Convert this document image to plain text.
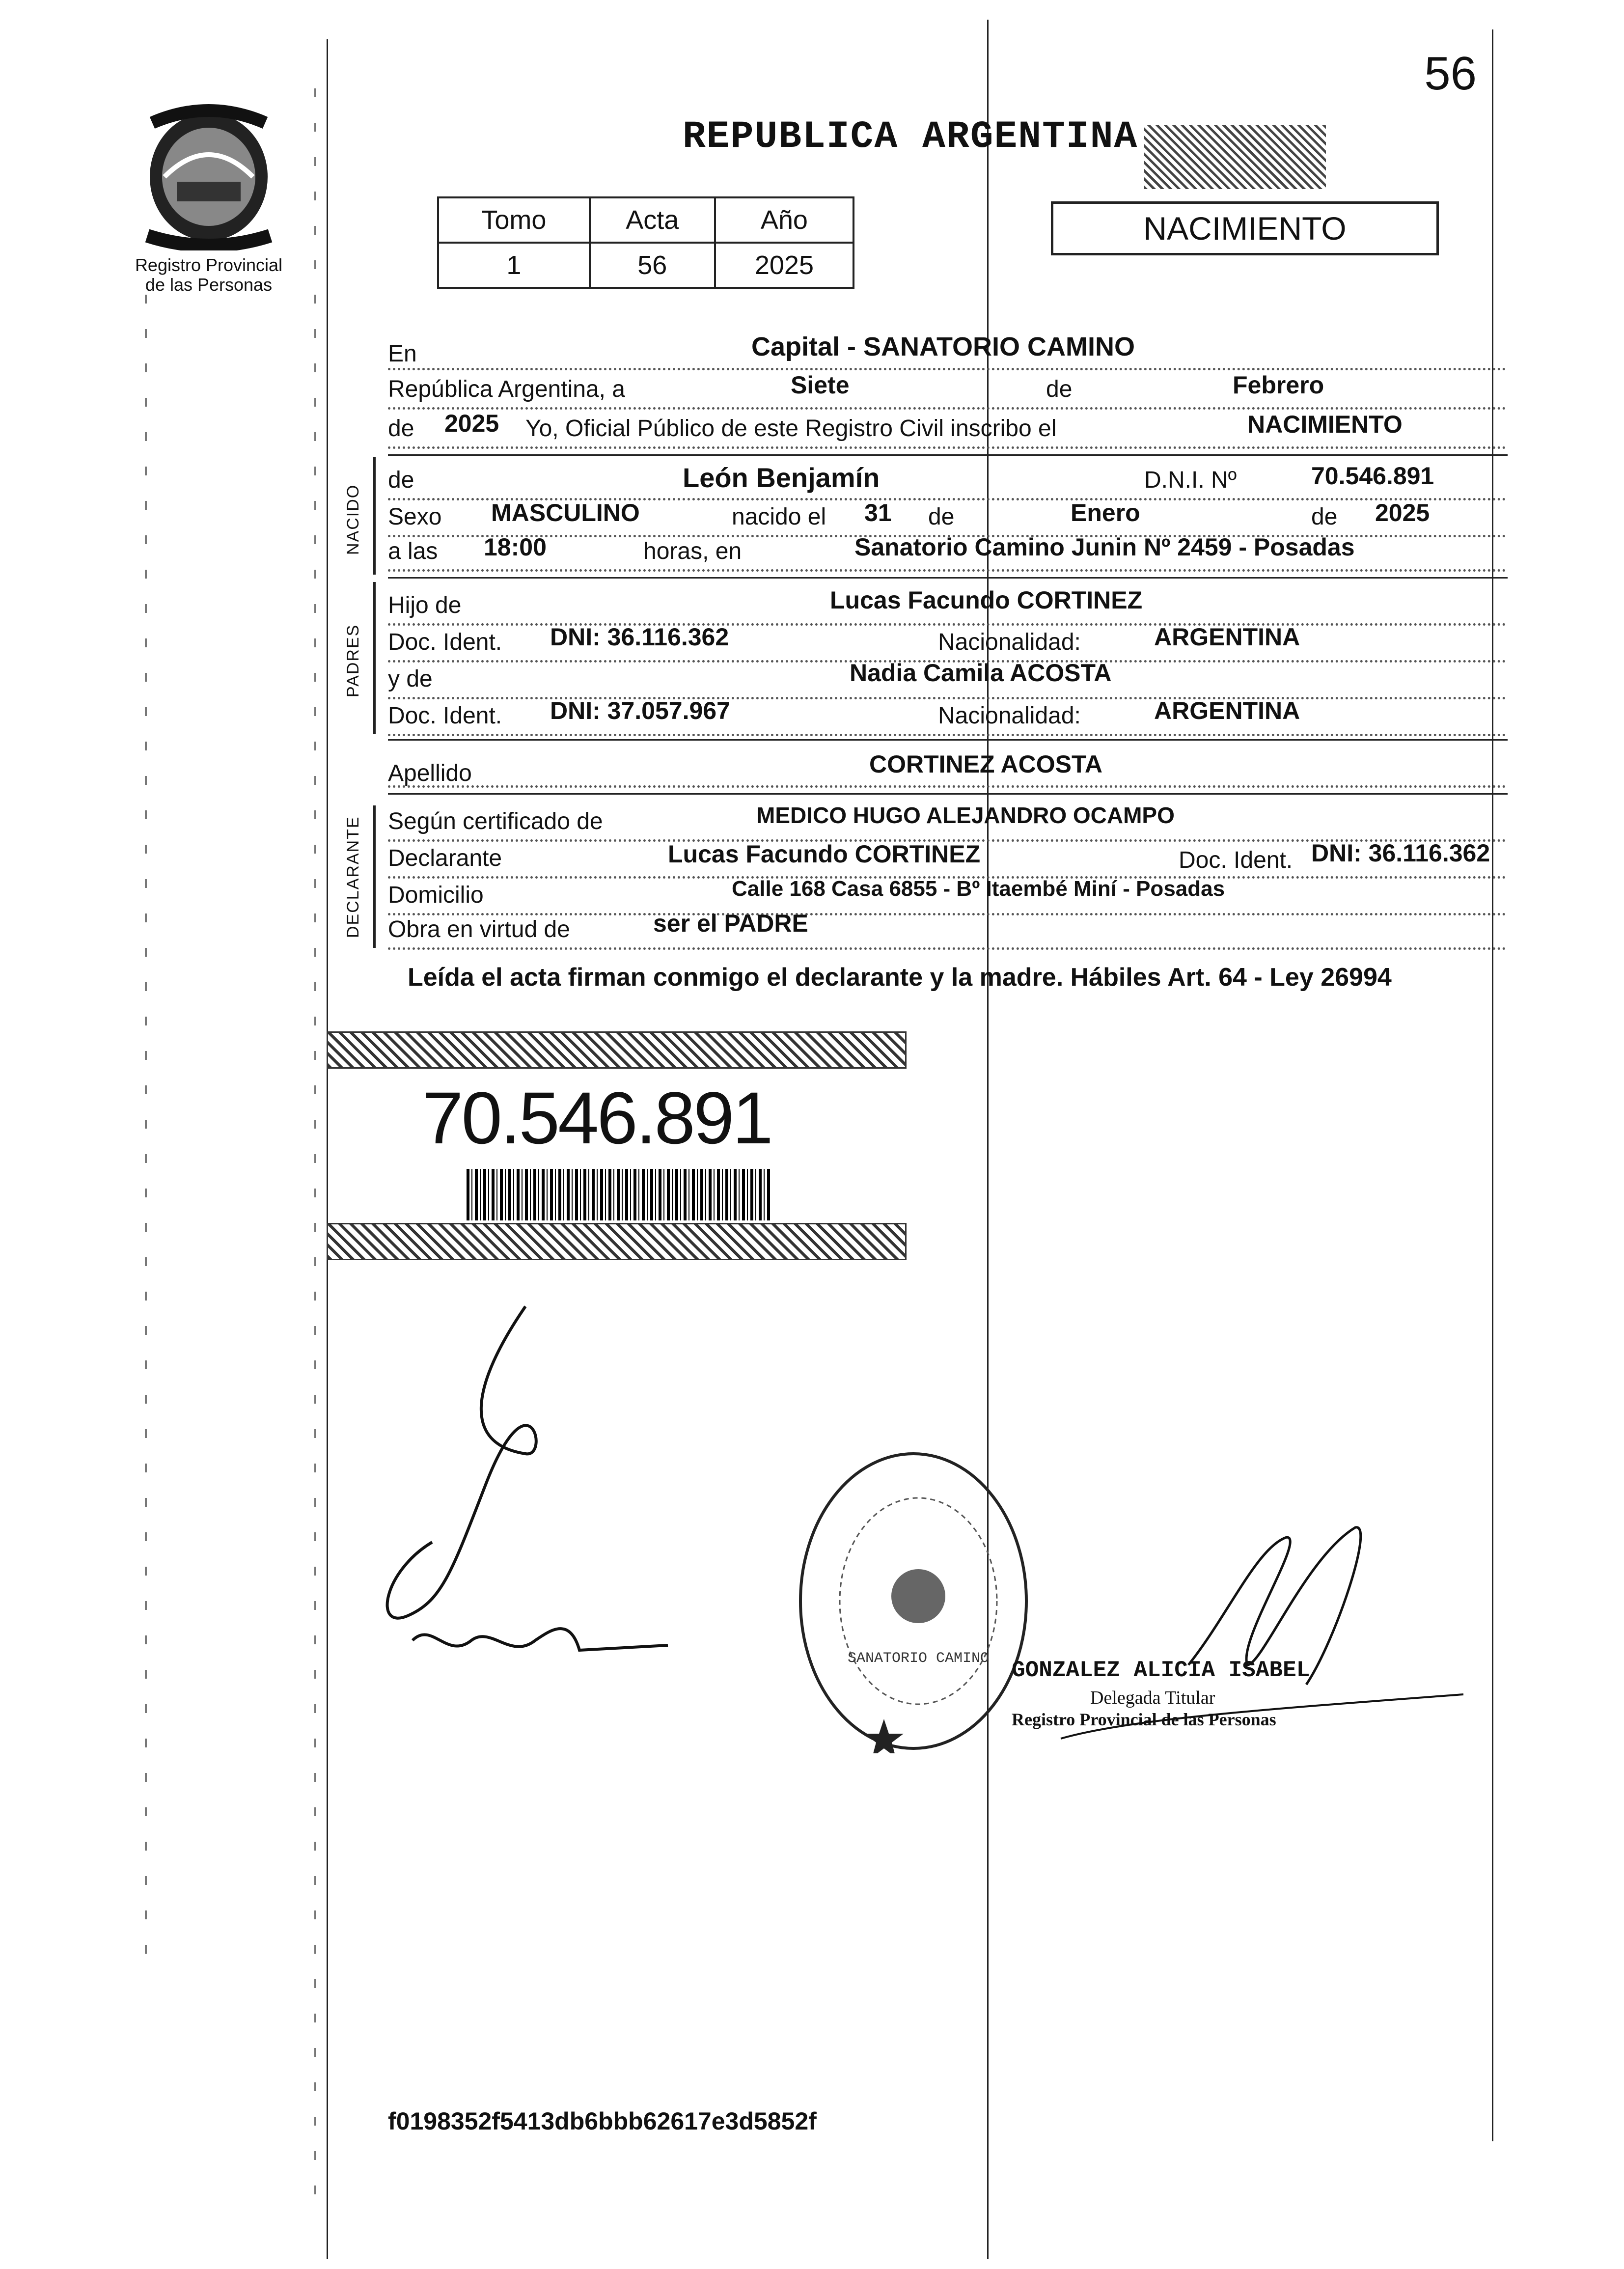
56
Registro Provincial
de las Personas
REPUBLICA ARGENTINA
Tomo	Acta	Año
1	56	2025
NACIMIENTO
En	Capital - SANATORIO CAMINO
República Argentina, a	Siete	de	Febrero
de 2025 Yo, Oficial Público de este Registro Civil inscribo el	NACIMIENTO
NACIDO
de	León Benjamín	D.N.I. Nº	70.546.891
Sexo MASCULINO	nacido el 31 de	Enero	de 2025
a las 18:00	horas, en	Sanatorio Camino Junin Nº 2459 - Posadas
PADRES
Hijo de	Lucas Facundo CORTINEZ
Doc. Ident. DNI: 36.116.362	Nacionalidad:	ARGENTINA
y de	Nadia Camila ACOSTA
Doc. Ident. DNI: 37.057.967	Nacionalidad:	ARGENTINA
Apellido	CORTINEZ ACOSTA
DECLARANTE Según certificado de	MEDICO HUGO ALEJANDRO OCAMPO
Declarante	Lucas Facundo CORTINEZ	Doc. Ident. DNI: 36.116.362
Domicilio	Calle 168 Casa 6855 - Bº Itaembé Miní - Posadas
Obra en virtud de	ser el PADRE
Leída el acta firman conmigo el declarante y la madre. Hábiles Art. 64 - Ley 26994
70.546.891
SANATORIO CAMINO GONZALEZ ALICIA ISABEL
Delegada Titular
Registro Provincial de las Personas
f0198352f5413db6bbb62617e3d5852f
